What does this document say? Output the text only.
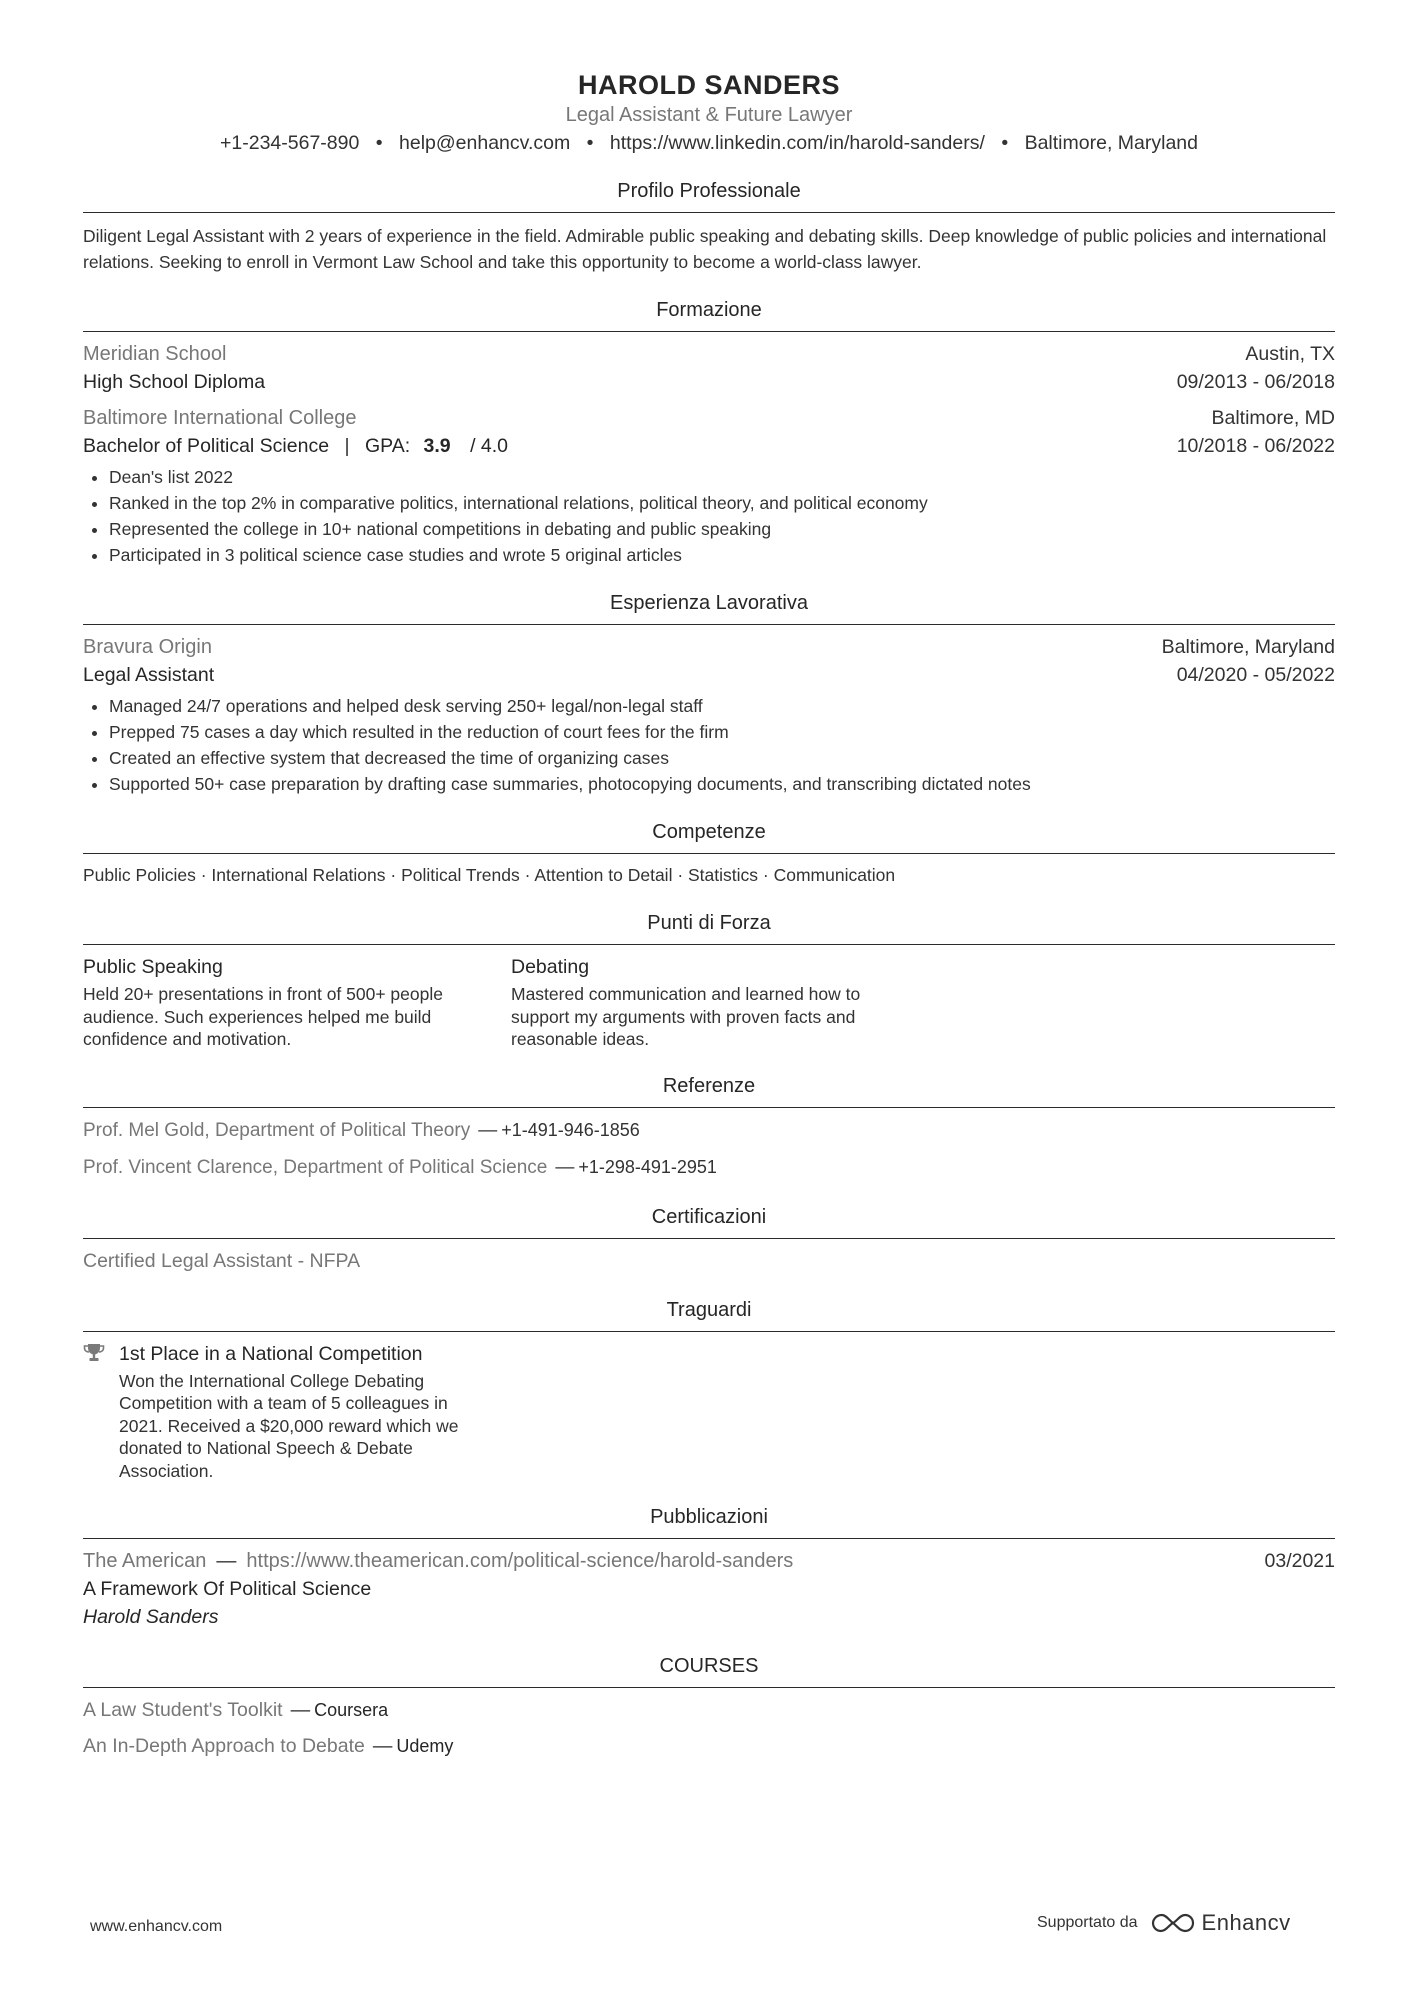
HAROLD SANDERS
Legal Assistant & Future Lawyer
+1-234-567-890 • help@enhancv.com • https://www.linkedin.com/in/harold-sanders/ • Baltimore, Maryland
Profilo Professionale
Diligent Legal Assistant with 2 years of experience in the field. Admirable public speaking and debating skills. Deep knowledge of public policies and international relations. Seeking to enroll in Vermont Law School and take this opportunity to become a world-class lawyer.
Formazione
Meridian School	Austin, TX
High School Diploma	09/2013 - 06/2018
Baltimore International College	Baltimore, MD
Bachelor of Political Science | GPA: 3.9 / 4.0	10/2018 - 06/2022
• Dean's list 2022
• Ranked in the top 2% in comparative politics, international relations, political theory, and political economy
• Represented the college in 10+ national competitions in debating and public speaking
• Participated in 3 political science case studies and wrote 5 original articles
Esperienza Lavorativa
Bravura Origin	Baltimore, Maryland
Legal Assistant	04/2020 - 05/2022
• Managed 24/7 operations and helped desk serving 250+ legal/non-legal staff
• Prepped 75 cases a day which resulted in the reduction of court fees for the firm
• Created an effective system that decreased the time of organizing cases
• Supported 50+ case preparation by drafting case summaries, photocopying documents, and transcribing dictated notes
Competenze
Public Policies · International Relations · Political Trends · Attention to Detail · Statistics · Communication
Punti di Forza
Public Speaking
Held 20+ presentations in front of 500+ people audience. Such experiences helped me build confidence and motivation.
Debating
Mastered communication and learned how to support my arguments with proven facts and reasonable ideas.
Referenze
Prof. Mel Gold, Department of Political Theory — +1-491-946-1856
Prof. Vincent Clarence, Department of Political Science — +1-298-491-2951
Certificazioni
Certified Legal Assistant - NFPA
Traguardi
1st Place in a National Competition
Won the International College Debating Competition with a team of 5 colleagues in 2021. Received a $20,000 reward which we donated to National Speech & Debate Association.
Pubblicazioni
The American — https://www.theamerican.com/political-science/harold-sanders	03/2021
A Framework Of Political Science
Harold Sanders
COURSES
A Law Student's Toolkit — Coursera
An In-Depth Approach to Debate — Udemy
www.enhancv.com	Supportato da	Enhancv
